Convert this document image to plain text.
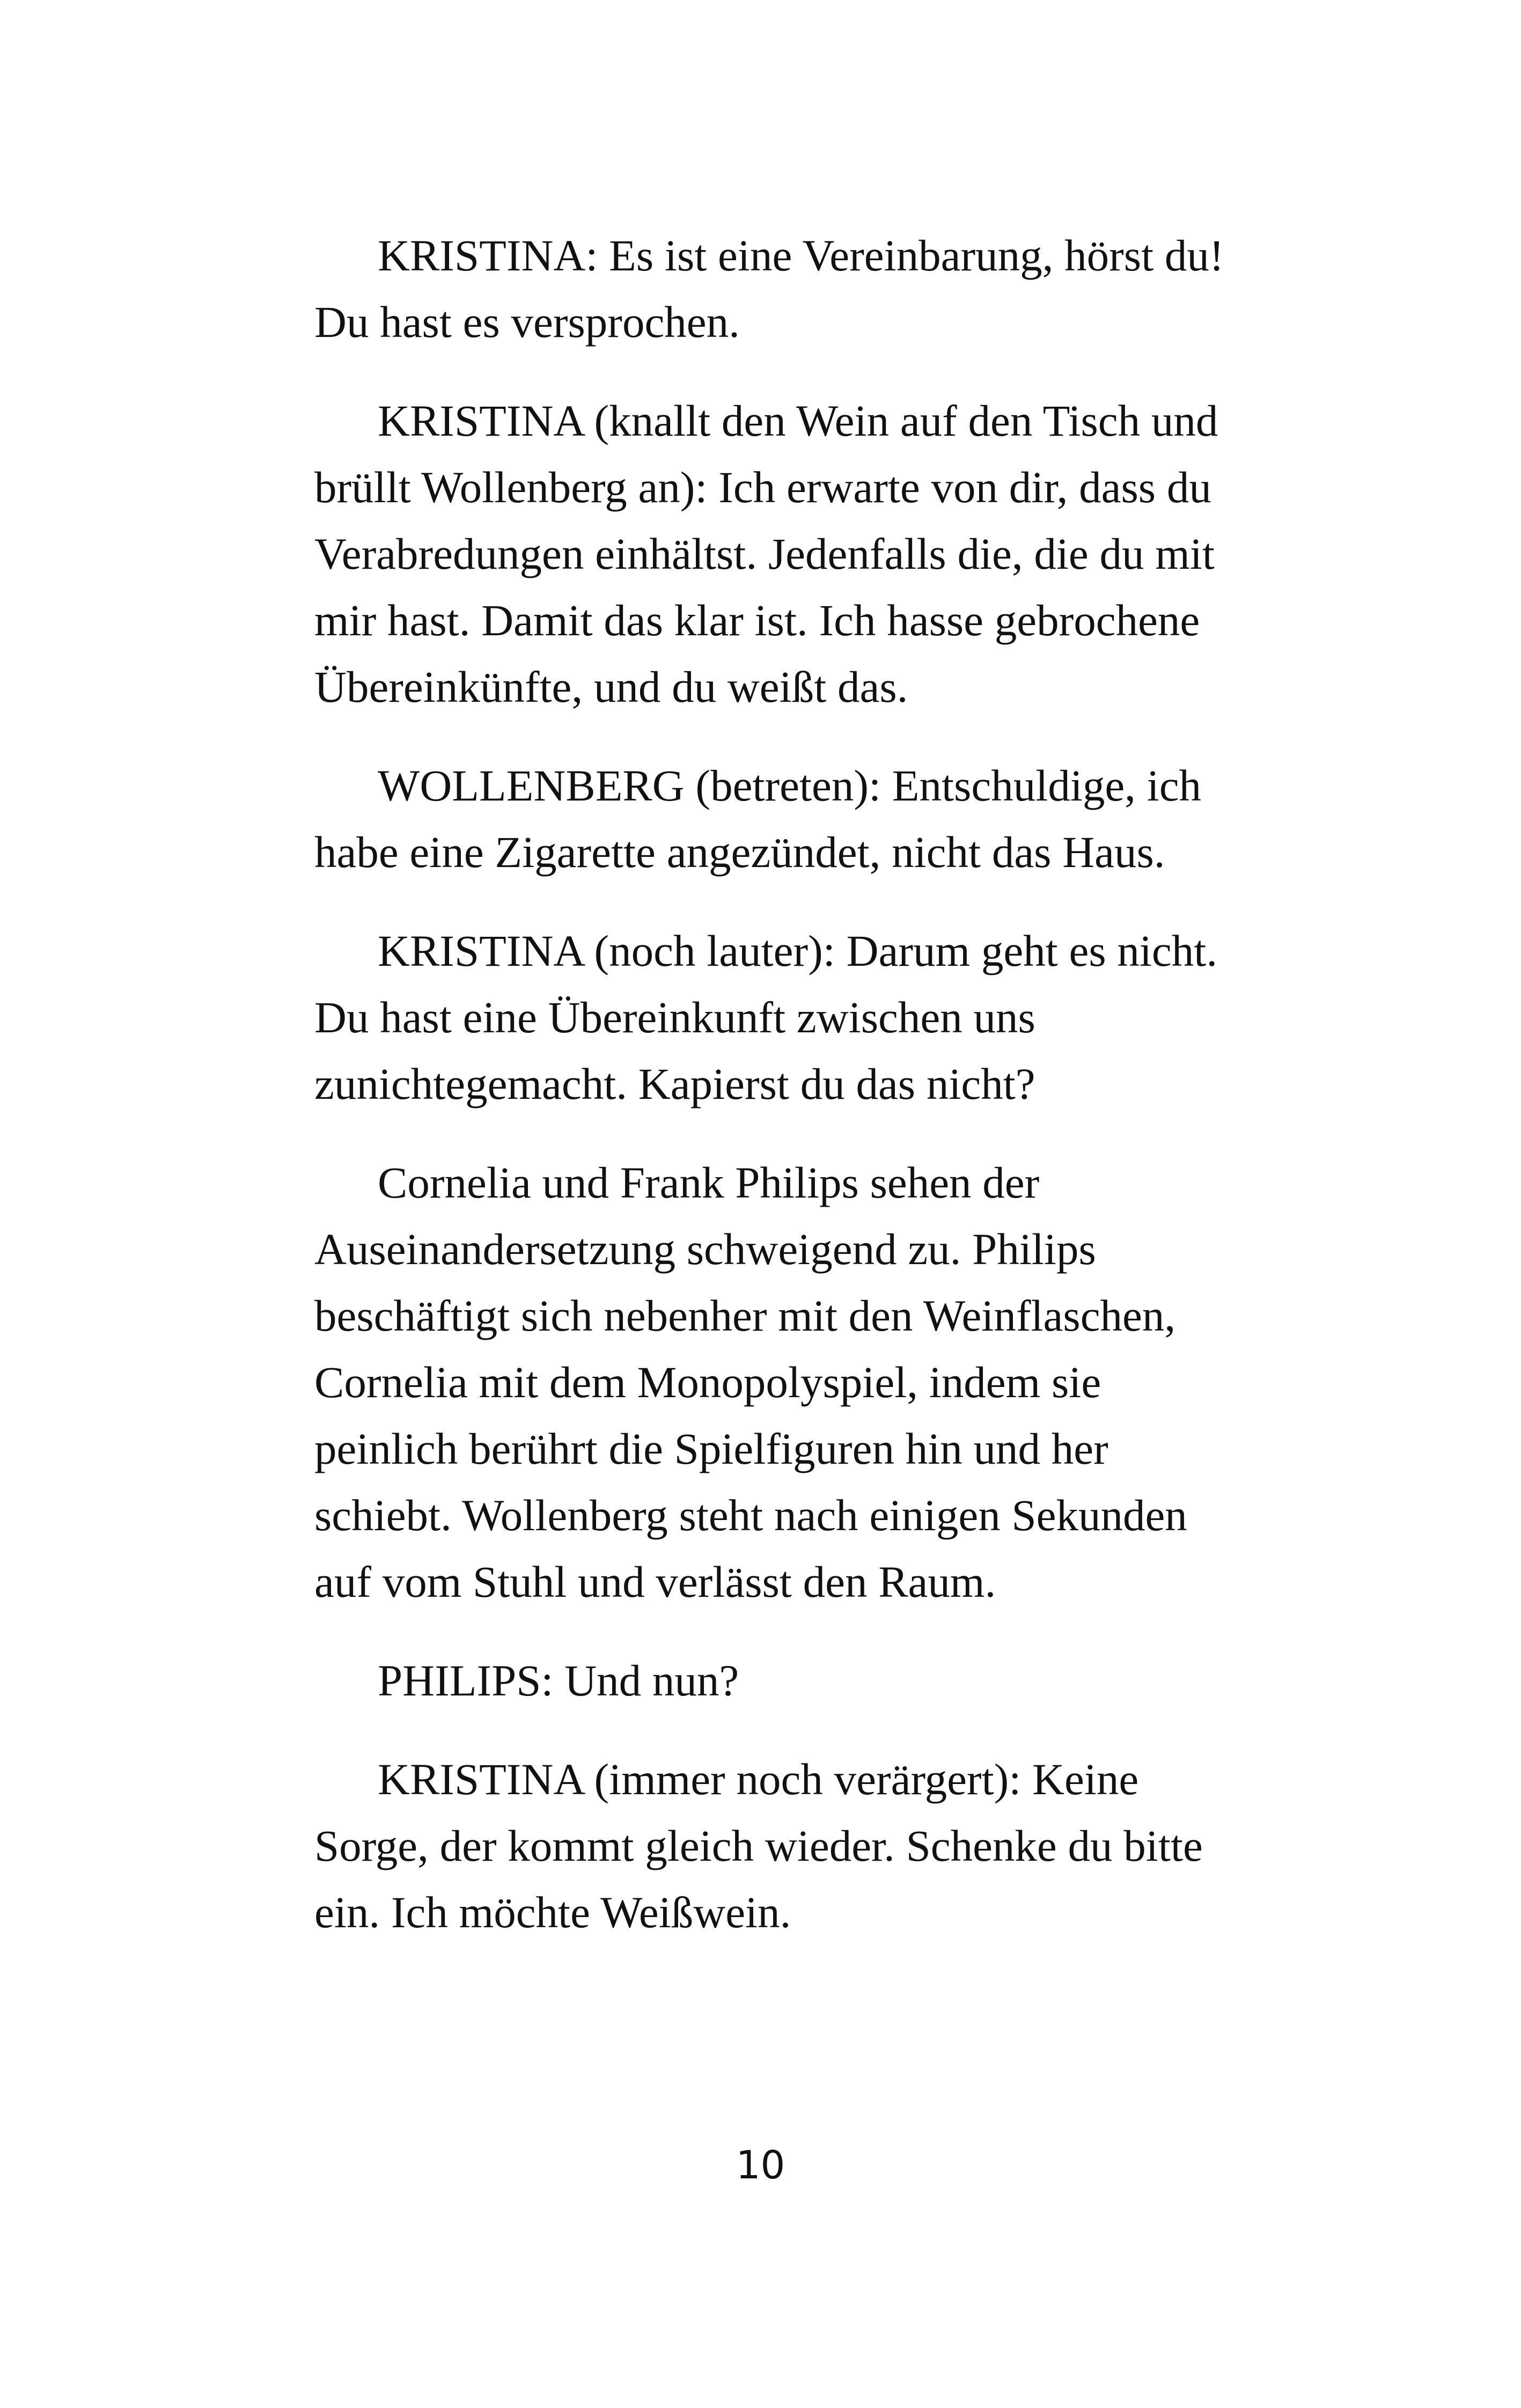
KRISTINA: Es ist eine Vereinbarung, hörst du!
Du hast es versprochen.

KRISTINA (knallt den Wein auf den Tisch und
brüllt Wollenberg an): Ich erwarte von dir, dass du
Verabredungen einhältst. Jedenfalls die, die du mit
mir hast. Damit das klar ist. Ich hasse gebrochene
Übereinkünfte, und du weißt das.

WOLLENBERG (betreten): Entschuldige, ich
habe eine Zigarette angezündet, nicht das Haus.

KRISTINA (noch lauter): Darum geht es nicht.
Du hast eine Übereinkunft zwischen uns
zunichtegemacht. Kapierst du das nicht?

Cornelia und Frank Philips sehen der
Auseinandersetzung schweigend zu. Philips
beschäftigt sich nebenher mit den Weinflaschen,
Cornelia mit dem Monopolyspiel, indem sie
peinlich berührt die Spielfiguren hin und her
schiebt. Wollenberg steht nach einigen Sekunden
auf vom Stuhl und verlässt den Raum.

PHILIPS: Und nun?

KRISTINA (immer noch verärgert): Keine
Sorge, der kommt gleich wieder. Schenke du bitte
ein. Ich möchte Weißwein.

10
